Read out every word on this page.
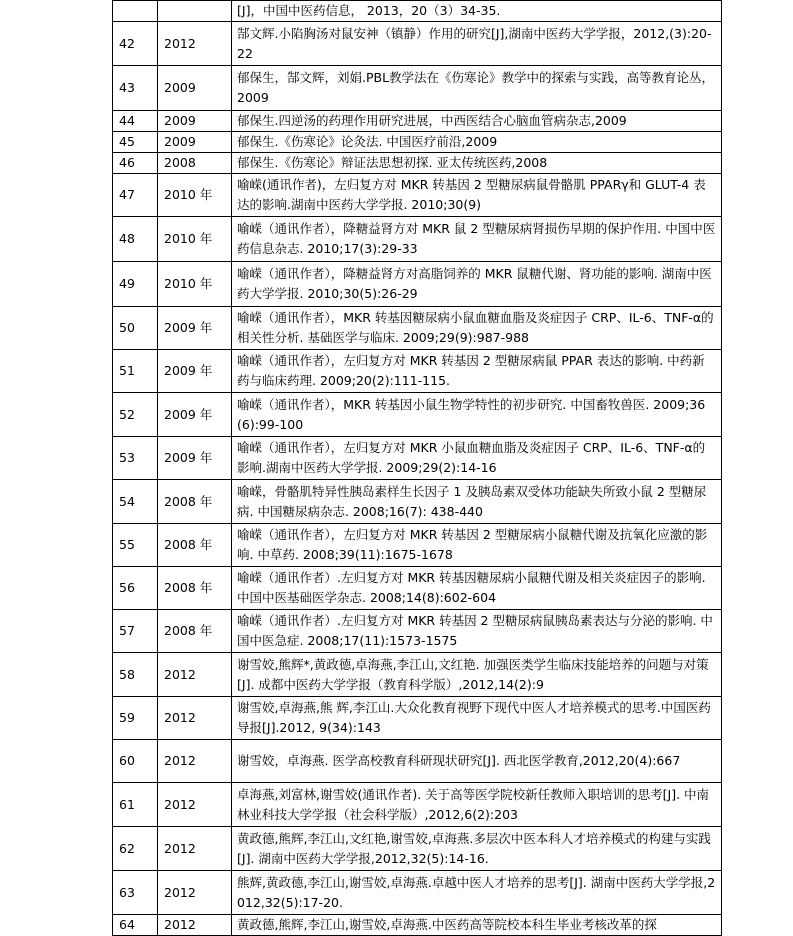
		[J]，中国中医药信息， 2013，20（3）34-35.
42	2012	郜文辉.小陷胸汤对鼠安神（镇静）作用的研究[J],湖南中医药大学学报，2012,(3):20-22
43	2009	郁保生，郜文辉，刘娟.PBL教学法在《伤寒论》教学中的探索与实践，高等教育论丛，2009
44	2009	郁保生.四逆汤的药理作用研究进展，中西医结合心脑血管病杂志,2009
45	2009	郁保生.《伤寒论》论灸法. 中国医疗前沿,2009
46	2008	郁保生.《伤寒论》辩证法思想初探. 亚太传统医药,2008
47	2010 年	喻嵘(通讯作者)，左归复方对 MKR 转基因 2 型糖尿病鼠骨骼肌 PPARγ和 GLUT-4 表达的影响.湖南中医药大学学报. 2010;30(9)
48	2010 年	喻嵘（通讯作者），降糖益肾方对 MKR 鼠 2 型糖尿病肾损伤早期的保护作用. 中国中医药信息杂志. 2010;17(3):29-33
49	2010 年	喻嵘（通讯作者），降糖益肾方对高脂饲养的 MKR 鼠糖代谢、肾功能的影响. 湖南中医药大学学报. 2010;30(5):26-29
50	2009 年	喻嵘（通讯作者），MKR 转基因糖尿病小鼠血糖血脂及炎症因子 CRP、IL-6、TNF-α的相关性分析. 基础医学与临床. 2009;29(9):987-988
51	2009 年	喻嵘（通讯作者），左归复方对 MKR 转基因 2 型糖尿病鼠 PPAR 表达的影响. 中药新药与临床药理. 2009;20(2):111-115.
52	2009 年	喻嵘（通讯作者），MKR 转基因小鼠生物学特性的初步研究. 中国畜牧兽医. 2009;36(6):99-100
53	2009 年	喻嵘（通讯作者），左归复方对 MKR 小鼠血糖血脂及炎症因子 CRP、IL-6、TNF-α的影响.湖南中医药大学学报. 2009;29(2):14-16
54	2008 年	喻嵘，骨骼肌特异性胰岛素样生长因子 1 及胰岛素双受体功能缺失所致小鼠 2 型糖尿病. 中国糖尿病杂志. 2008;16(7): 438-440
55	2008 年	喻嵘（通讯作者），左归复方对 MKR 转基因 2 型糖尿病小鼠糖代谢及抗氧化应激的影响. 中草药. 2008;39(11):1675-1678
56	2008 年	喻嵘（通讯作者）.左归复方对 MKR 转基因糖尿病小鼠糖代谢及相关炎症因子的影响. 中国中医基础医学杂志. 2008;14(8):602-604
57	2008 年	喻嵘（通讯作者）.左归复方对 MKR 转基因 2 型糖尿病鼠胰岛素表达与分泌的影响. 中国中医急症. 2008;17(11):1573-1575
58	2012	谢雪姣,熊辉*,黄政德,卓海燕,李江山,文红艳. 加强医类学生临床技能培养的问题与对策[J]. 成都中医药大学学报（教育科学版）,2012,14(2):9
59	2012	谢雪姣,卓海燕,熊 辉,李江山.大众化教育视野下现代中医人才培养模式的思考.中国医药导报[J].2012, 9(34):143
60	2012	谢雪姣，卓海燕. 医学高校教育科研现状研究[J]. 西北医学教育,2012,20(4):667
61	2012	卓海燕,刘富林,谢雪姣(通讯作者). 关于高等医学院校新任教师入职培训的思考[J]. 中南林业科技大学学报（社会科学版）,2012,6(2):203
62	2012	黄政德,熊辉,李江山,文红艳,谢雪姣,卓海燕.多层次中医本科人才培养模式的构建与实践[J]. 湖南中医药大学学报,2012,32(5):14-16.
63	2012	熊辉,黄政德,李江山,谢雪姣,卓海燕.卓越中医人才培养的思考[J]. 湖南中医药大学学报,2012,32(5):17-20.
64	2012	黄政德,熊辉,李江山,谢雪姣,卓海燕.中医药高等院校本科生毕业考核改革的探
